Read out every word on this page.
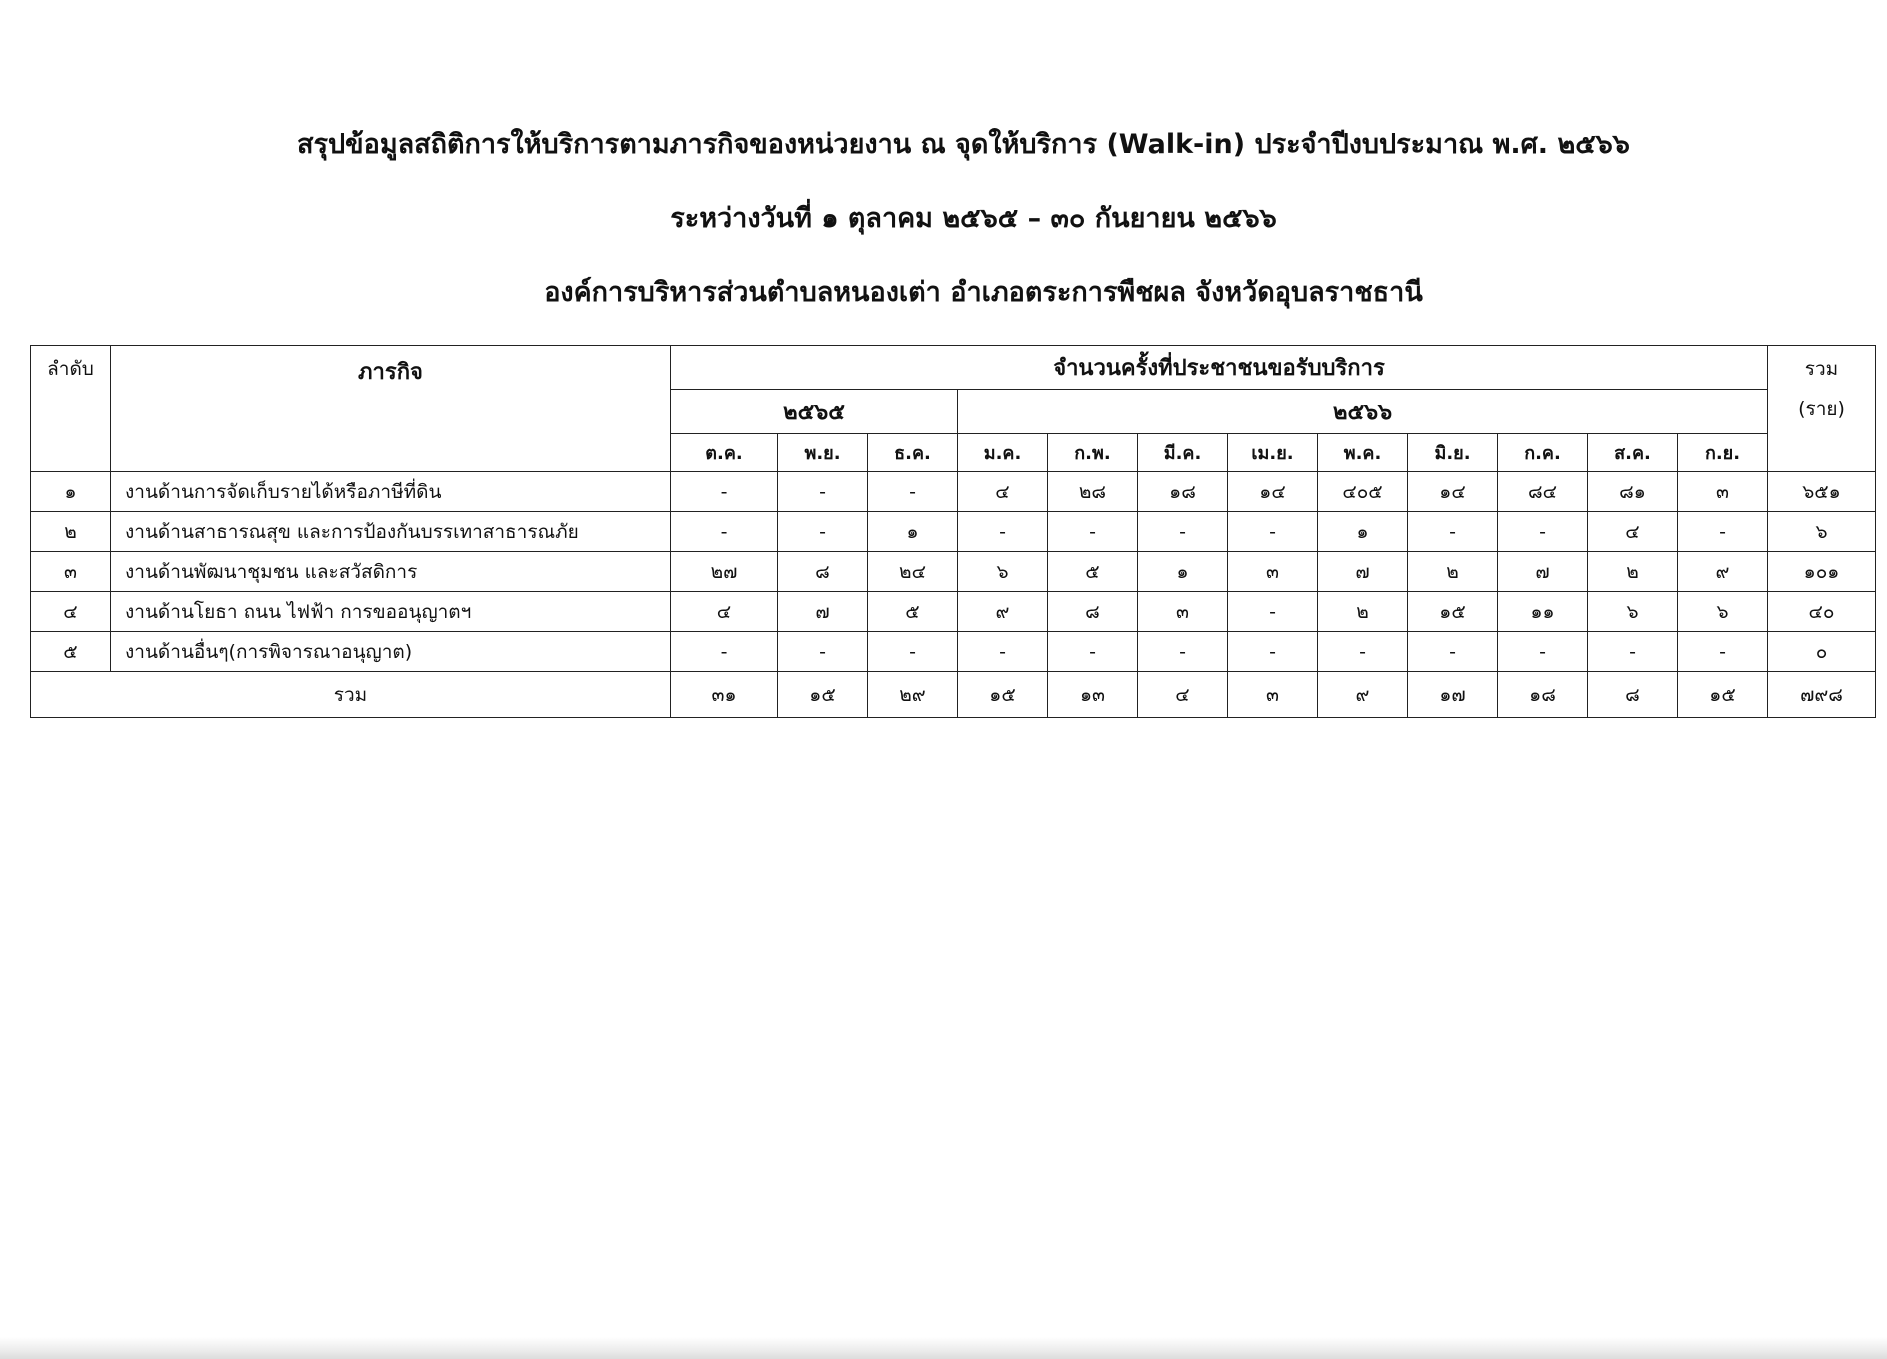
สรุปข้อมูลสถิติการให้บริการตามภารกิจของหน่วยงาน ณ จุดให้บริการ (Walk-in) ประจำปีงบประมาณ พ.ศ. ๒๕๖๖
ระหว่างวันที่ ๑ ตุลาคม ๒๕๖๕ – ๓๐ กันยายน ๒๕๖๖
องค์การบริหารส่วนตำบลหนองเต่า อำเภอตระการพืชผล จังหวัดอุบลราชธานี
ลำดับ	ภารกิจ	จำนวนครั้งที่ประชาชนขอรับบริการ												รวม
(ราย)

		๒๕๖๕			๒๕๖๖									
		ต.ค.	พ.ย.	ธ.ค.	ม.ค.	ก.พ.	มี.ค.	เม.ย.	พ.ค.	มิ.ย.	ก.ค.	ส.ค.	ก.ย.	
๑	งานด้านการจัดเก็บรายได้หรือภาษีที่ดิน	-	-	-	๔	๒๘	๑๘	๑๔	๔๐๕	๑๔	๘๔	๘๑	๓	๖๕๑
๒	งานด้านสาธารณสุข และการป้องกันบรรเทาสาธารณภัย	-	-	๑	-	-	-	-	๑	-	-	๔	-	๖
๓	งานด้านพัฒนาชุมชน และสวัสดิการ	๒๗	๘	๒๔	๖	๕	๑	๓	๗	๒	๗	๒	๙	๑๐๑
๔	งานด้านโยธา ถนน ไฟฟ้า การขออนุญาตฯ	๔	๗	๕	๙	๘	๓	-	๒	๑๕	๑๑	๖	๖	๔๐
๕	งานด้านอื่นๆ(การพิจารณาอนุญาต)	-	-	-	-	-	-	-	-	-	-	-	-	๐
รวม		๓๑	๑๕	๒๙	๑๕	๑๓	๔	๓	๙	๑๗	๑๘	๘	๑๕	๗๙๘
